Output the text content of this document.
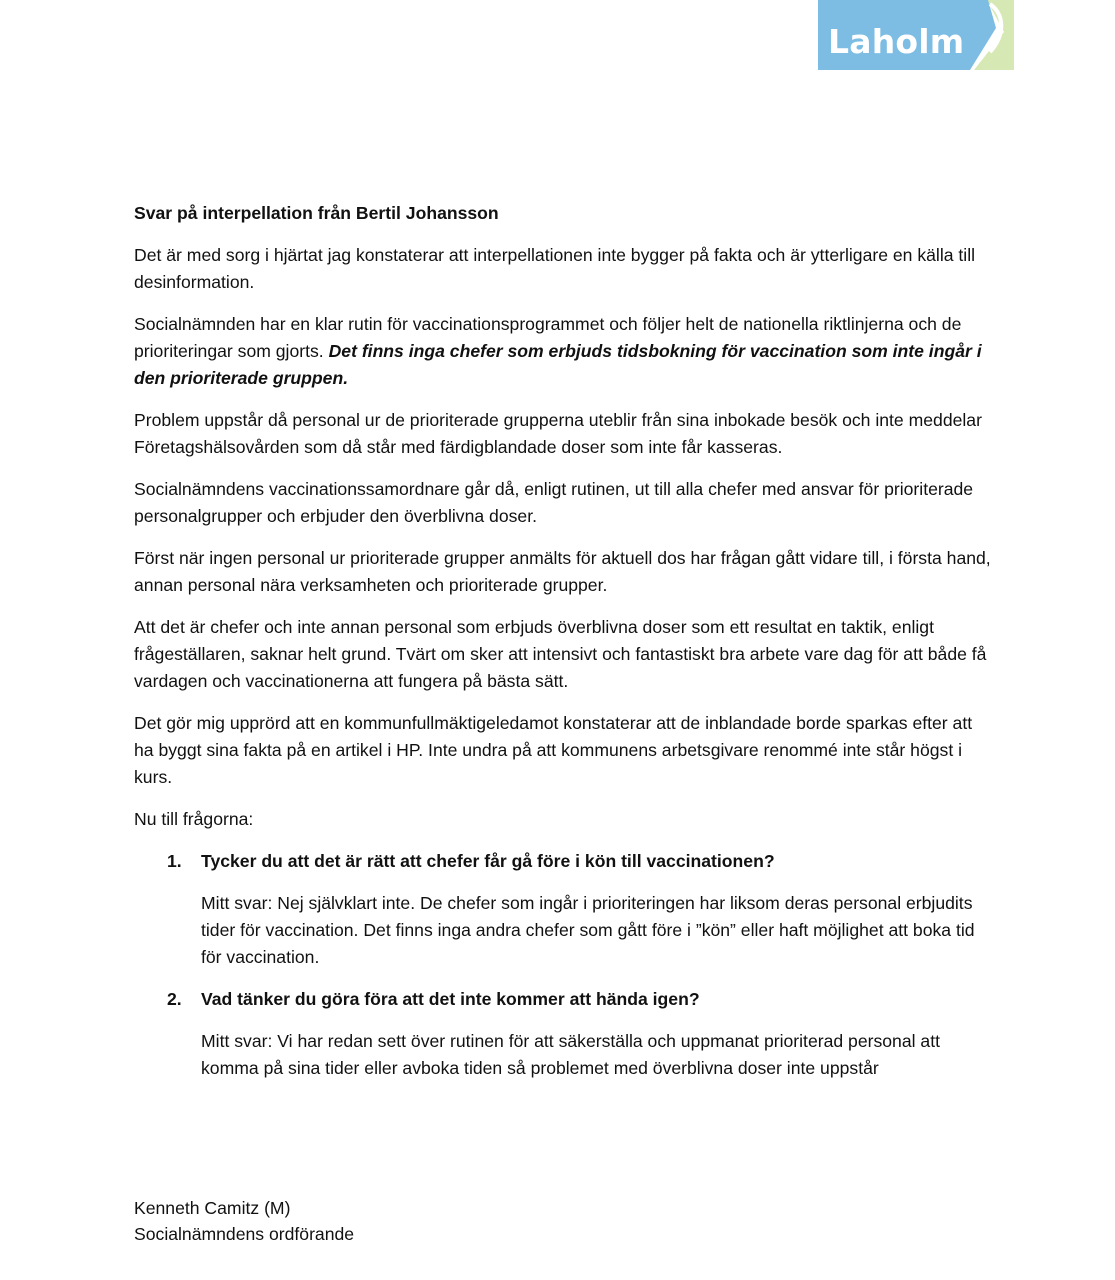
Laholm

Svar på interpellation från Bertil Johansson

Det är med sorg i hjärtat jag konstaterar att interpellationen inte bygger på fakta och är ytterligare en källa till desinformation.

Socialnämnden har en klar rutin för vaccinationsprogrammet och följer helt de nationella riktlinjerna och de prioriteringar som gjorts. Det finns inga chefer som erbjuds tidsbokning för vaccination som inte ingår i den prioriterade gruppen.

Problem uppstår då personal ur de prioriterade grupperna uteblir från sina inbokade besök och inte meddelar Företagshälsovården som då står med färdigblandade doser som inte får kasseras.

Socialnämndens vaccinationssamordnare går då, enligt rutinen, ut till alla chefer med ansvar för prioriterade personalgrupper och erbjuder den överblivna doser.

Först när ingen personal ur prioriterade grupper anmälts för aktuell dos har frågan gått vidare till, i första hand, annan personal nära verksamheten och prioriterade grupper.

Att det är chefer och inte annan personal som erbjuds överblivna doser som ett resultat en taktik, enligt frågeställaren, saknar helt grund. Tvärt om sker att intensivt och fantastiskt bra arbete vare dag för att både få vardagen och vaccinationerna att fungera på bästa sätt.

Det gör mig upprörd att en kommunfullmäktigeledamot konstaterar att de inblandade borde sparkas efter att ha byggt sina fakta på en artikel i HP. Inte undra på att kommunens arbetsgivare renommé inte står högst i kurs.

Nu till frågorna:

1.	Tycker du att det är rätt att chefer får gå före i kön till vaccinationen?

Mitt svar: Nej självklart inte. De chefer som ingår i prioriteringen har liksom deras personal erbjudits tider för vaccination. Det finns inga andra chefer som gått före i ”kön” eller haft möjlighet att boka tid för vaccination.

2.	Vad tänker du göra föra att det inte kommer att hända igen?

Mitt svar: Vi har redan sett över rutinen för att säkerställa och uppmanat prioriterad personal att komma på sina tider eller avboka tiden så problemet med överblivna doser inte uppstår

Kenneth Camitz (M)
Socialnämndens ordförande
